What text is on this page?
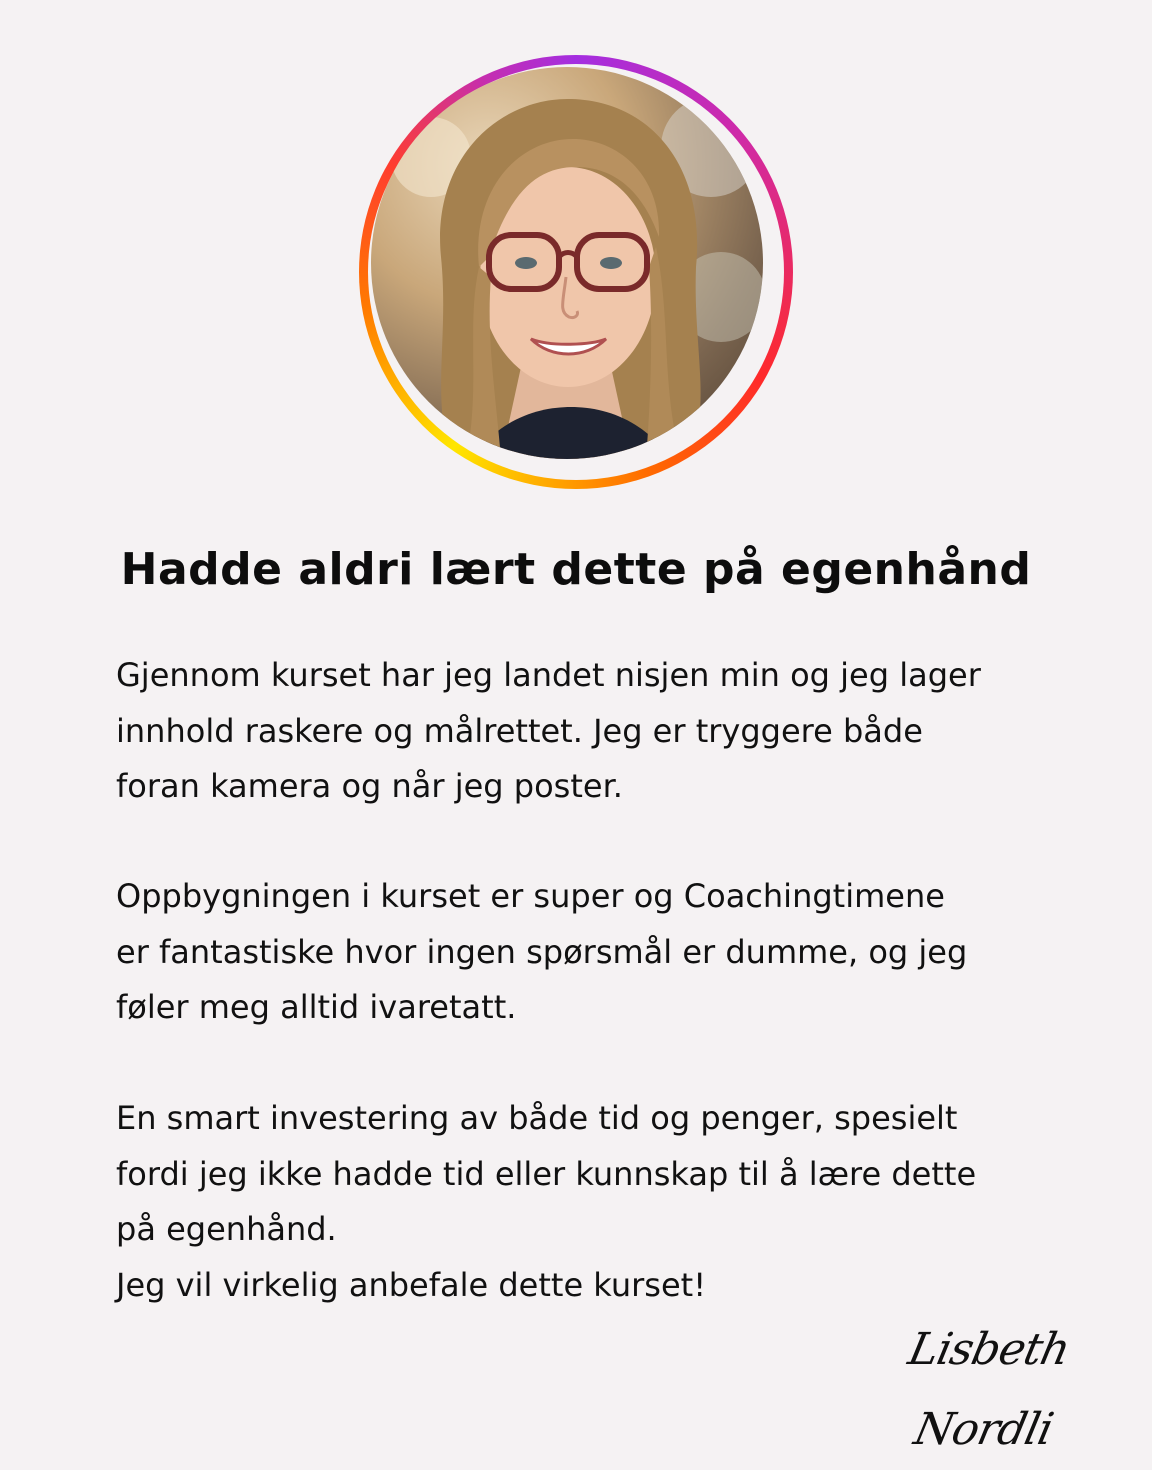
Hadde aldri lært dette på egenhånd

Gjennom kurset har jeg landet nisjen min og jeg lager
innhold raskere og målrettet. Jeg er tryggere både
foran kamera og når jeg poster.

Oppbygningen i kurset er super og Coachingtimene
er fantastiske hvor ingen spørsmål er dumme, og jeg
føler meg alltid ivaretatt.

En smart investering av både tid og penger, spesielt
fordi jeg ikke hadde tid eller kunnskap til å lære dette
på egenhånd.
Jeg vil virkelig anbefale dette kurset!

Lisbeth Nordli
